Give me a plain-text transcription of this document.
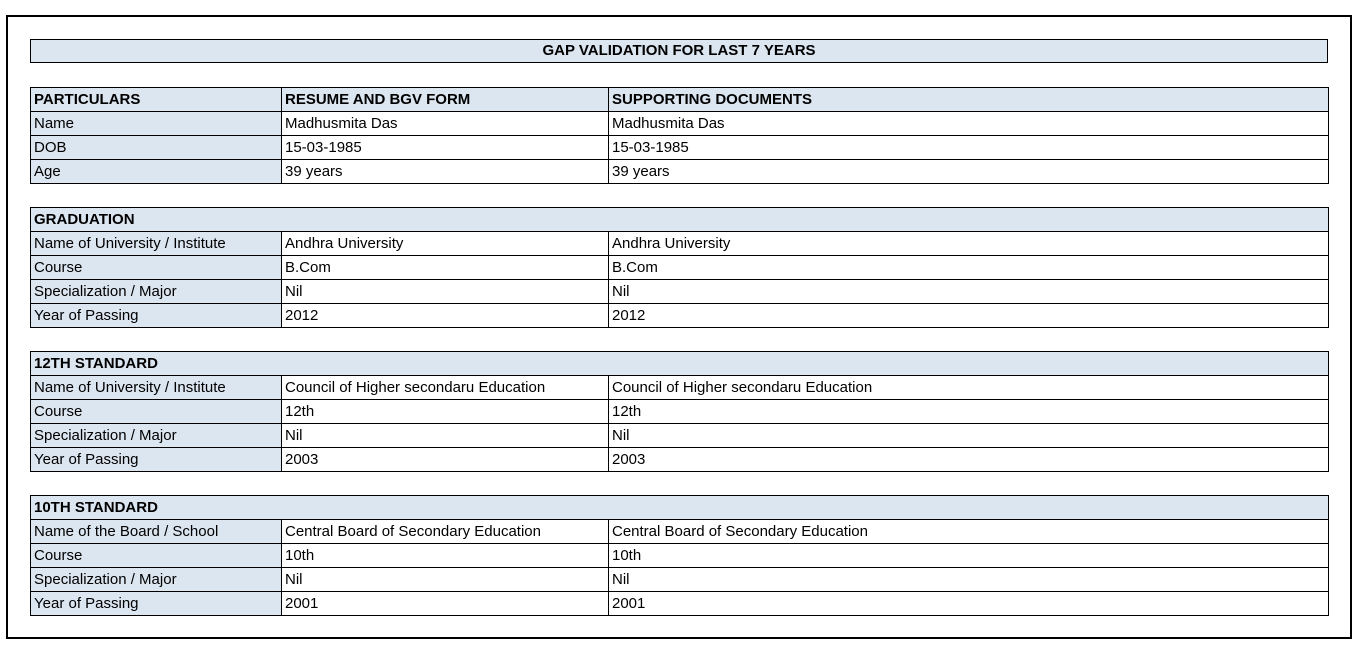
GAP VALIDATION FOR LAST 7 YEARS
PARTICULARS	RESUME AND BGV FORM	SUPPORTING DOCUMENTS
Name	Madhusmita Das	Madhusmita Das
DOB	15-03-1985	15-03-1985
Age	39 years	39 years
GRADUATION		
Name of University / Institute	Andhra University	Andhra University
Course	B.Com	B.Com
Specialization / Major	Nil	Nil
Year of Passing	2012	2012
12TH STANDARD		
Name of University / Institute	Council of Higher secondaru Education	Council of Higher secondaru Education
Course	12th	12th
Specialization / Major	Nil	Nil
Year of Passing	2003	2003
10TH STANDARD		
Name of the Board / School	Central Board of Secondary Education	Central Board of Secondary Education
Course	10th	10th
Specialization / Major	Nil	Nil
Year of Passing	2001	2001
